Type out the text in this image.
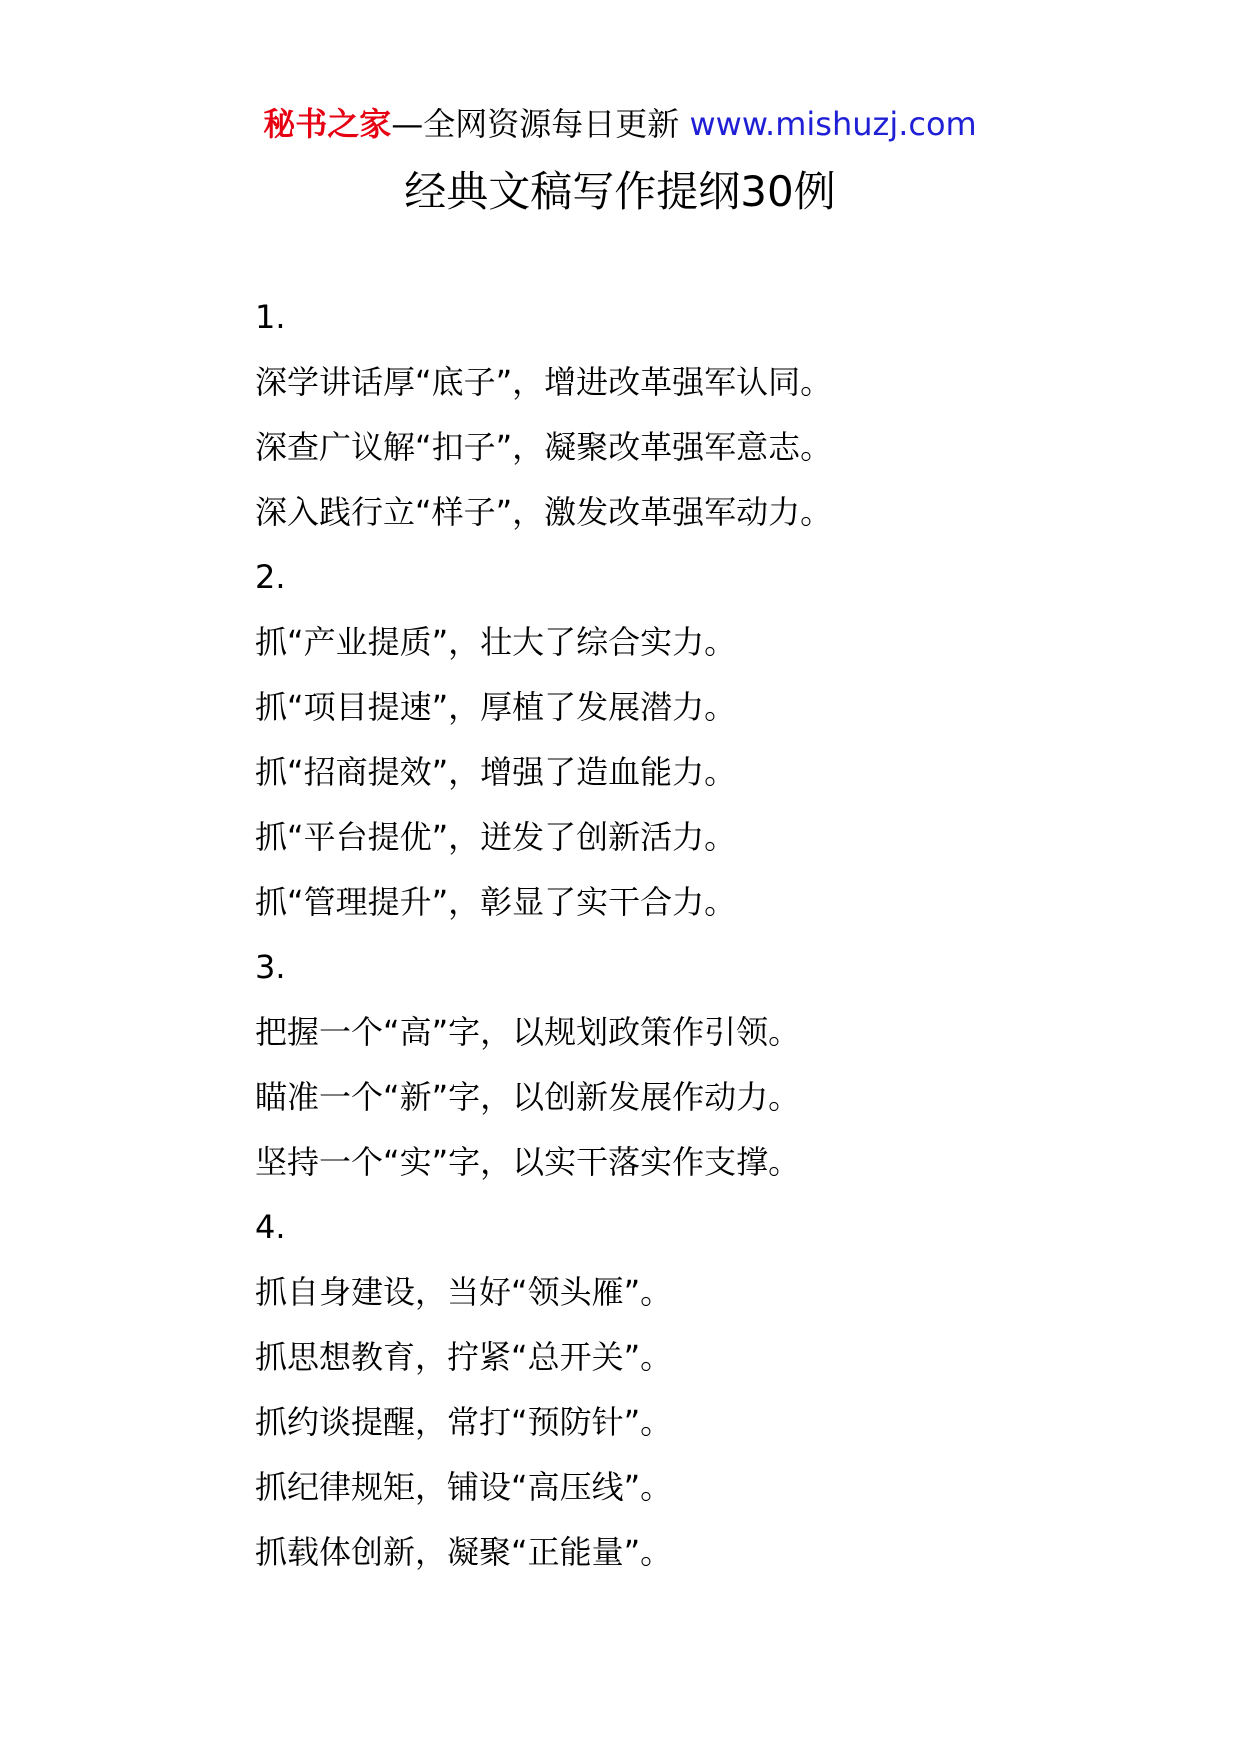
秘书之家—全网资源每日更新 www.mishuzj.com
经典文稿写作提纲30例
1.
深学讲话厚“底子”，增进改革强军认同。
深查广议解“扣子”，凝聚改革强军意志。
深入践行立“样子”，激发改革强军动力。
2.
抓“产业提质”，壮大了综合实力。
抓“项目提速”，厚植了发展潜力。
抓“招商提效”，增强了造血能力。
抓“平台提优”，迸发了创新活力。
抓“管理提升”，彰显了实干合力。
3.
把握一个“高”字，以规划政策作引领。
瞄准一个“新”字，以创新发展作动力。
坚持一个“实”字，以实干落实作支撑。
4.
抓自身建设，当好“领头雁”。
抓思想教育，拧紧“总开关”。
抓约谈提醒，常打“预防针”。
抓纪律规矩，铺设“高压线”。
抓载体创新，凝聚“正能量”。
